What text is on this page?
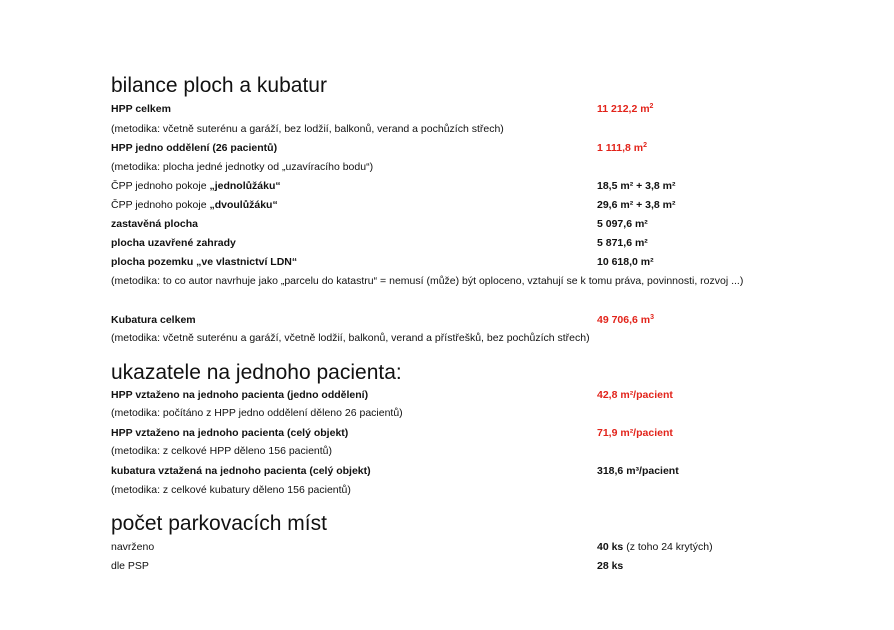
bilance ploch a kubatur
HPP celkem	11 212,2 $m^2$
(metodika: včetně suterénu a garáží, bez lodžií, balkonů, verand a pochůzích střech)
HPP jedno oddělení (26 pacientů)	1 111,8 $m^2$
(metodika: plocha jedné jednotky od „uzavíracího bodu“)
ČPP jednoho pokoje „jednolůžáku“	18,5 m² + 3,8 m²
ČPP jednoho pokoje „dvoulůžáku“	29,6 m² + 3,8 m²
zastavěná plocha	5 097,6 m²
plocha uzavřené zahrady	5 871,6 m²
plocha pozemku „ve vlastnictví LDN“	10 618,0 m²
(metodika: to co autor navrhuje jako „parcelu do katastru“ = nemusí (může) být oploceno, vztahují se k tomu práva, povinnosti, rozvoj ...)
Kubatura celkem	49 706,6 $m^3$
(metodika: včetně suterénu a garáží, včetně lodžií, balkonů, verand a přístřešků, bez pochůzích střech)
ukazatele na jednoho pacienta:
HPP vztaženo na jednoho pacienta (jedno oddělení)	42,8 m²/pacient
(metodika: počítáno z HPP jedno oddělení děleno 26 pacientů)
HPP vztaženo na jednoho pacienta (celý objekt)	71,9 m²/pacient
(metodika: z celkové HPP děleno 156 pacientů)
kubatura vztažená na jednoho pacienta (celý objekt)	318,6 m³/pacient
(metodika: z celkové kubatury děleno 156 pacientů)
počet parkovacích míst
navrženo	40 ks (z toho 24 krytých)
dle PSP	28 ks
